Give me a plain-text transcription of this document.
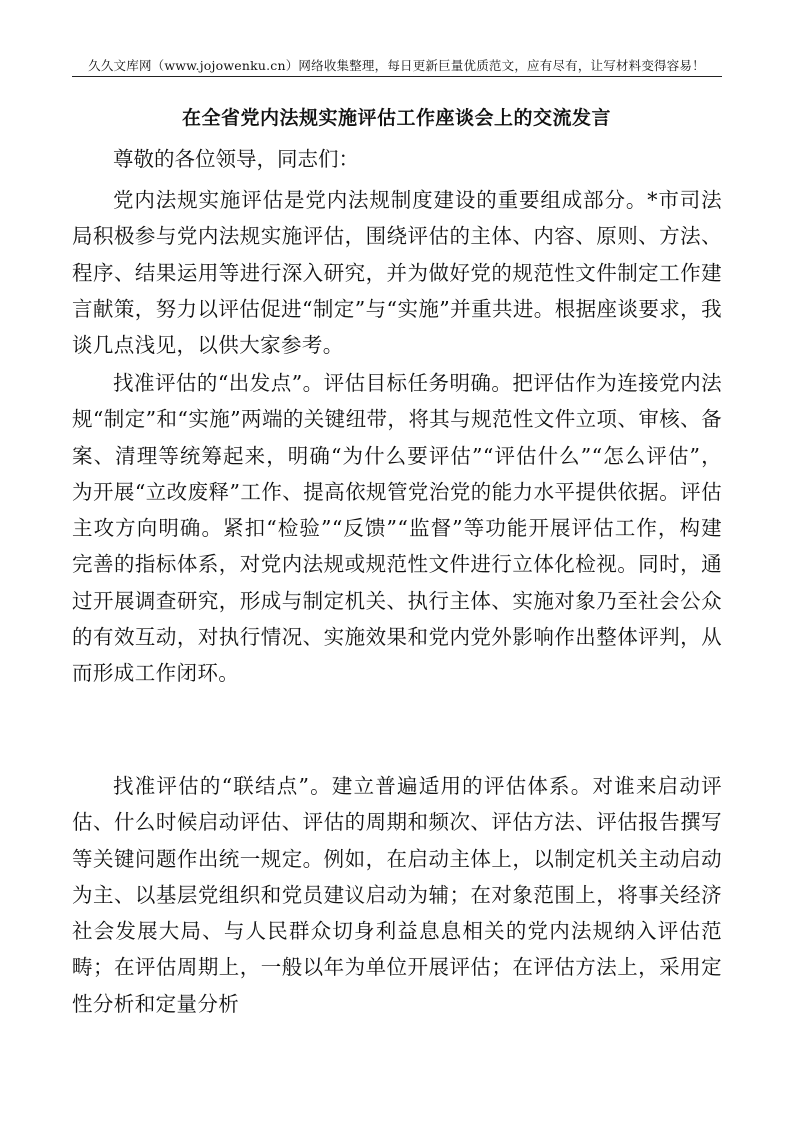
久久文库网（www.jojowenku.cn）网络收集整理，每日更新巨量优质范文，应有尽有，让写材料变得容易！
在全省党内法规实施评估工作座谈会上的交流发言
尊敬的各位领导，同志们：
党内法规实施评估是党内法规制度建设的重要组成部分。*市司法局积极参与党内法规实施评估，围绕评估的主体、内容、原则、方法、程序、结果运用等进行深入研究，并为做好党的规范性文件制定工作建言献策，努力以评估促进“制定”与“实施”并重共进。根据座谈要求，我谈几点浅见，以供大家参考。
找准评估的“出发点”。评估目标任务明确。把评估作为连接党内法规“制定”和“实施”两端的关键纽带，将其与规范性文件立项、审核、备案、清理等统筹起来，明确“为什么要评估”“评估什么”“怎么评估”，为开展“立改废释”工作、提高依规管党治党的能力水平提供依据。评估主攻方向明确。紧扣“检验”“反馈”“监督”等功能开展评估工作，构建完善的指标体系，对党内法规或规范性文件进行立体化检视。同时，通过开展调查研究，形成与制定机关、执行主体、实施对象乃至社会公众的有效互动，对执行情况、实施效果和党内党外影响作出整体评判，从而形成工作闭环。
找准评估的“联结点”。建立普遍适用的评估体系。对谁来启动评估、什么时候启动评估、评估的周期和频次、评估方法、评估报告撰写等关键问题作出统一规定。例如，在启动主体上，以制定机关主动启动为主、以基层党组织和党员建议启动为辅；在对象范围上，将事关经济社会发展大局、与人民群众切身利益息息相关的党内法规纳入评估范畴；在评估周期上，一般以年为单位开展评估；在评估方法上，采用定性分析和定量分析
